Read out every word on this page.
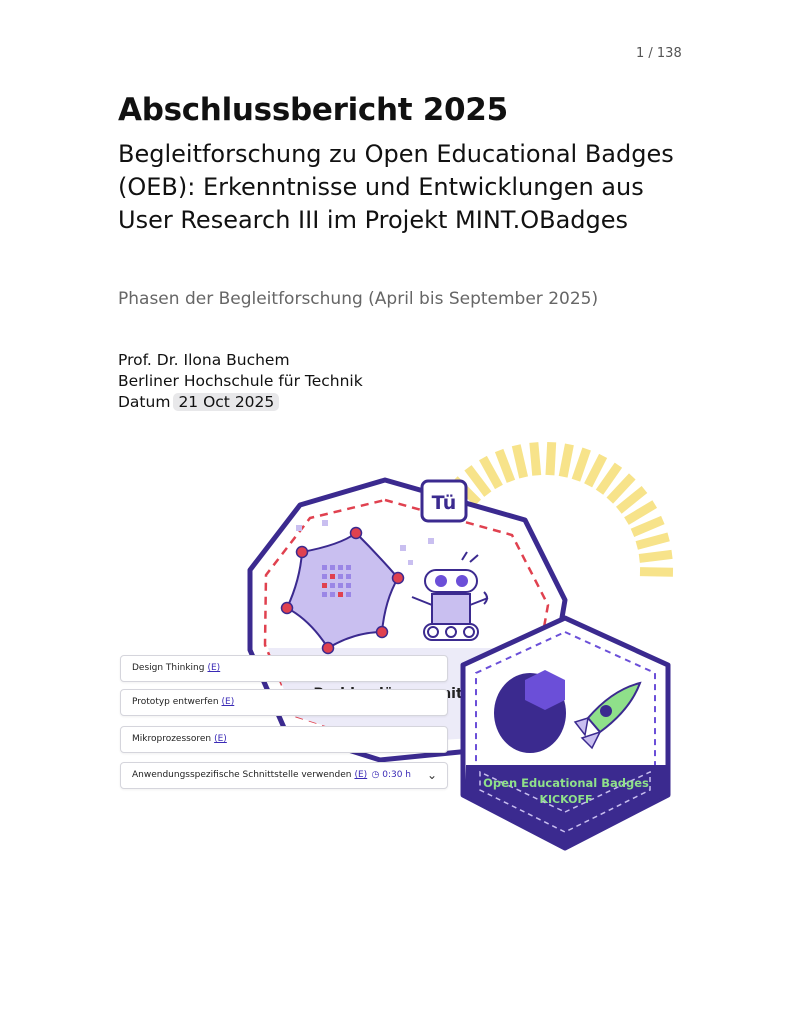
1 / 138
Abschlussbericht 2025

Begleitforschung zu Open Educational Badges (OEB): Erkenntnisse und Entwicklungen aus User Research III im Projekt MINT.OBadges

Phasen der Begleitforschung (April bis September 2025)
Prof. Dr. Ilona Buchem
Berliner Hochschule für Technik
Datum 21 Oct 2025
Tü
mit
Open Educational Badges
KICKOFF
Design Thinking (E)
Prototyp entwerfen (E)
Mikroprozessoren (E)
Anwendungsspezifische Schnittstelle verwenden (E) ◷ 0:30 h ⌄
